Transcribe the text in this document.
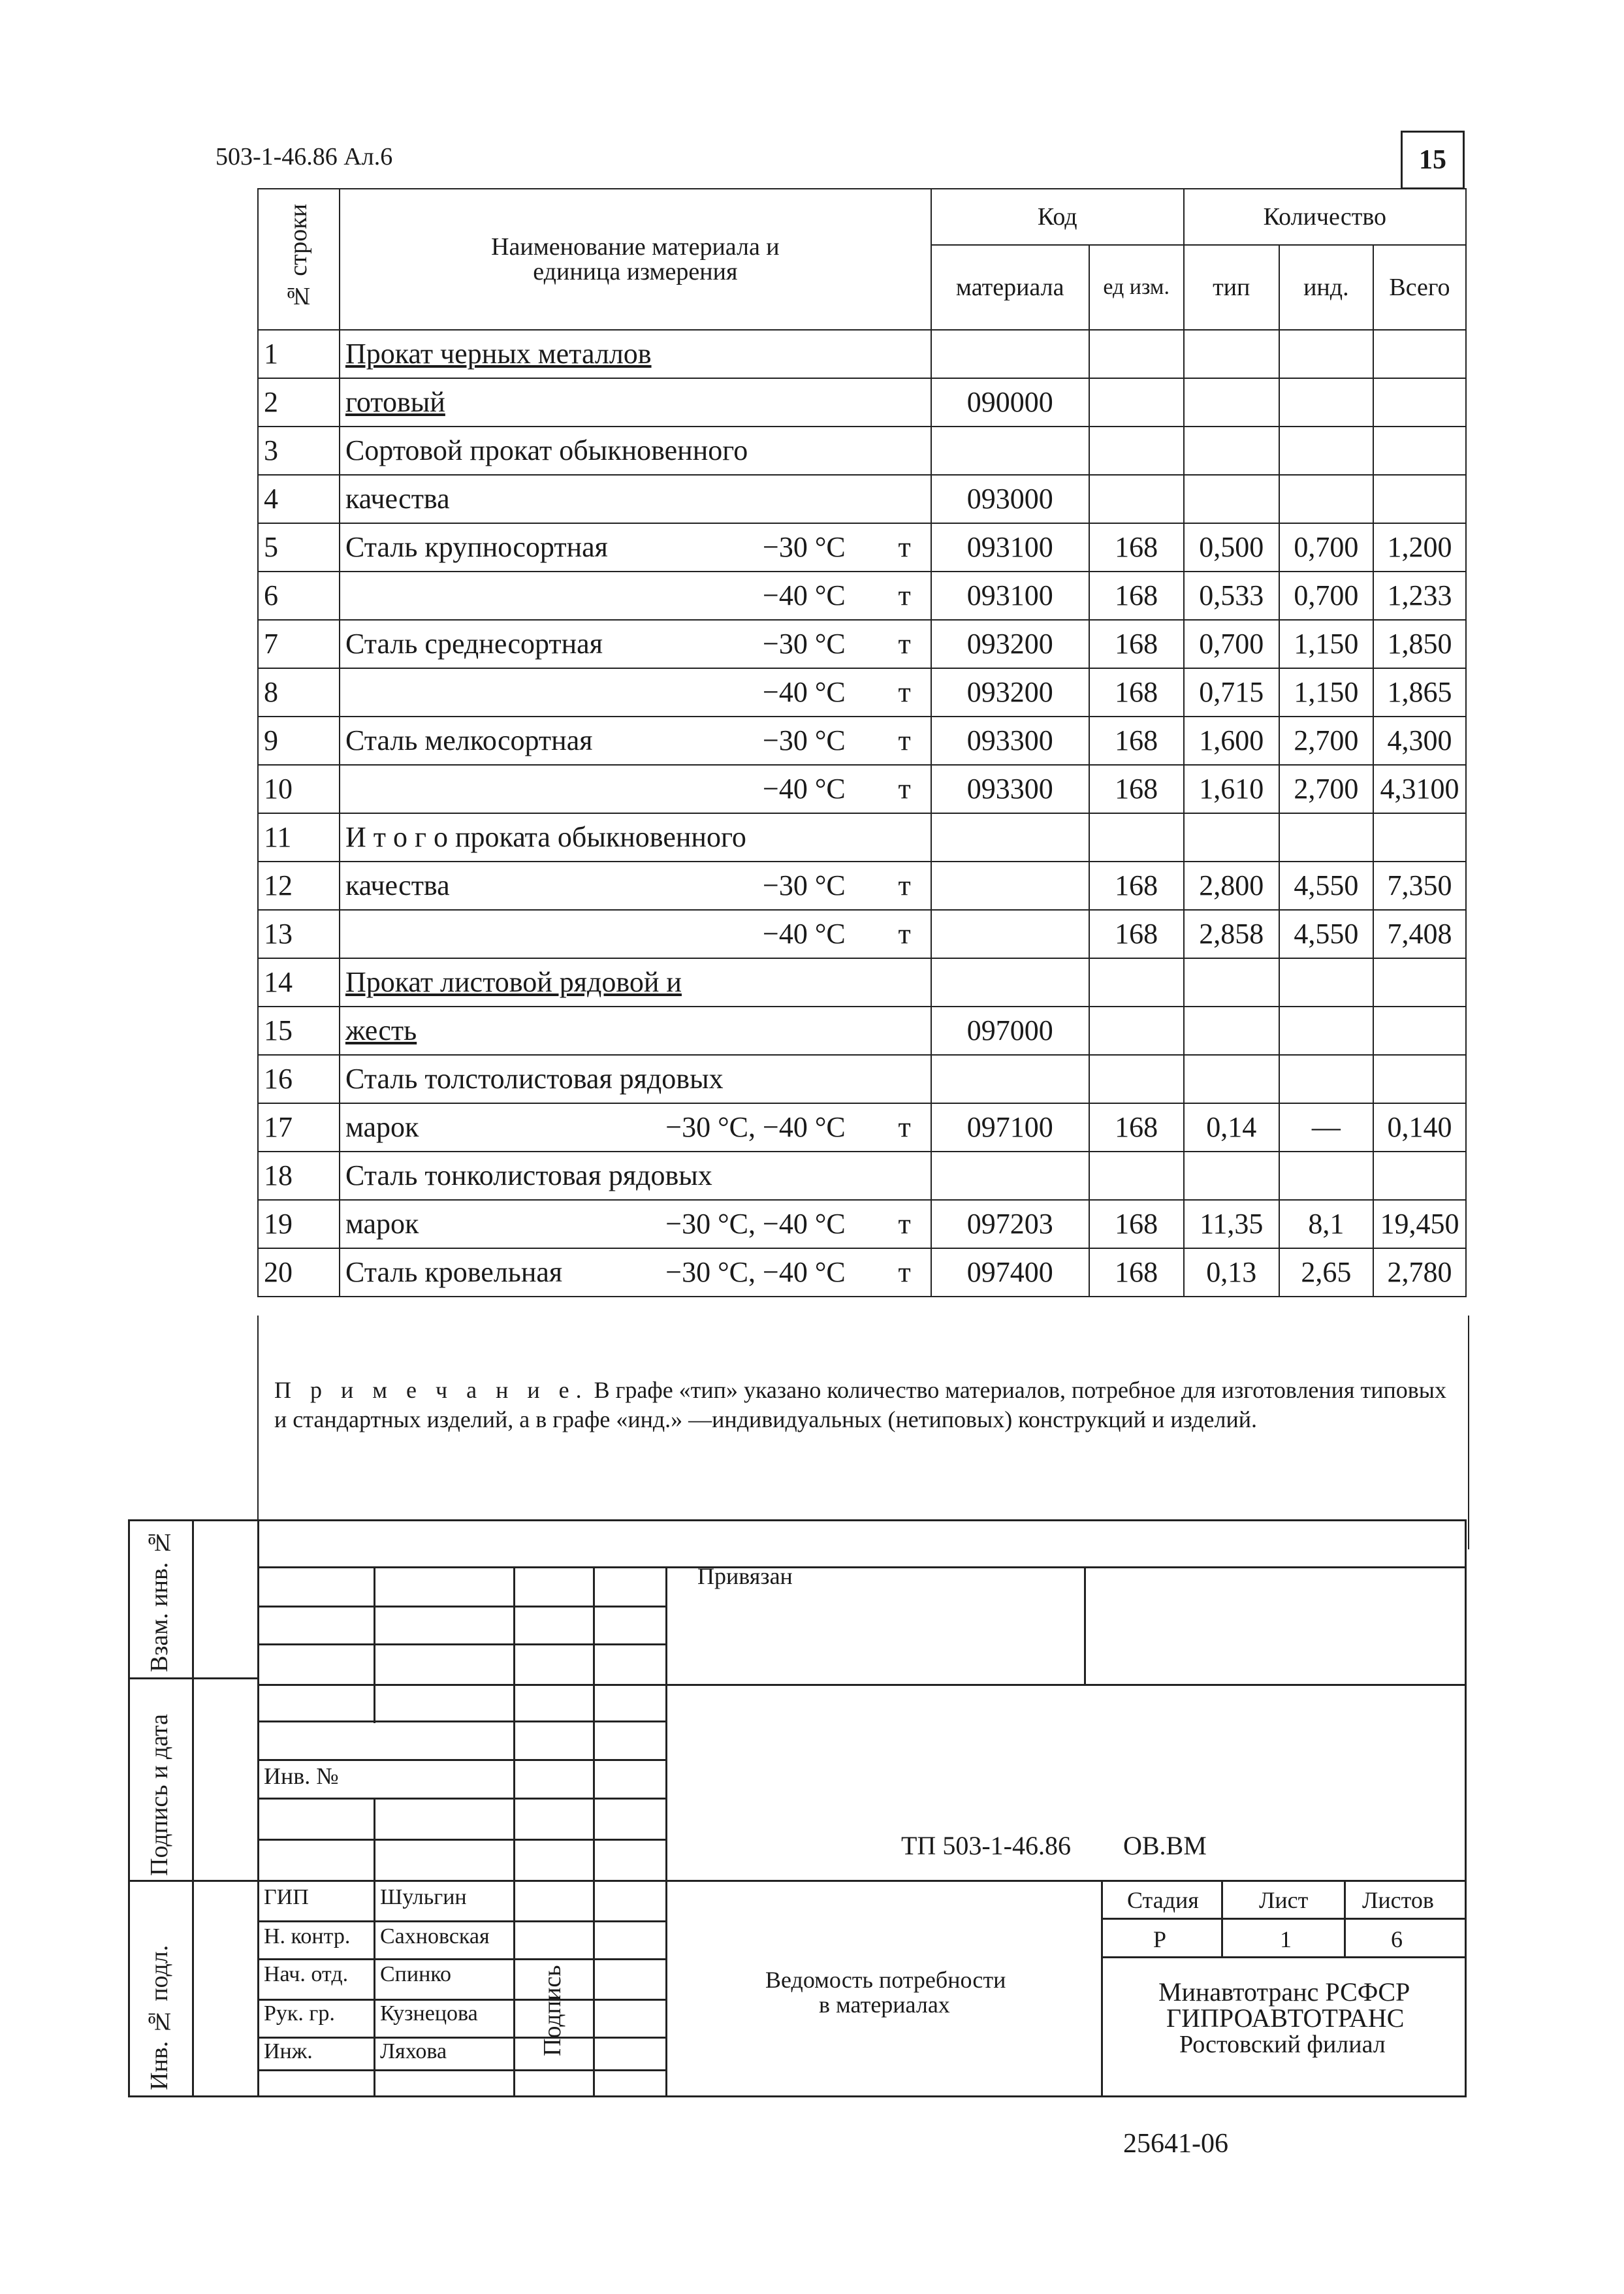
503-1-46.86 Ал.6	15
№ строки	Наименование материала и единица измерения	Код		Количество		
		материала	ед изм.	тип	инд.	Всего
1	Прокат черных металлов

2	готовый	090000				
3	Сортовой прокат обыкновенного

4	качества	093000				
5	Сталь крупносортная −30 °С т	093100	168	0,500	0,700	1,200
6	−40 °С т	093100	168	0,533	0,700	1,233
7	Сталь среднесортная −30 °С т	093200	168	0,700	1,150	1,850
8	−40 °С т	093200	168	0,715	1,150	1,865
9	Сталь мелкосортная −30 °С т	093300	168	1,600	2,700	4,300
10	−40 °С т	093300	168	1,610	2,700	4,3100
11	И т о г о проката обыкновенного

12	качества −30 °С т		168	2,800	4,550	7,350
13	−40 °С т		168	2,858	4,550	7,408
14	Прокат листовой рядовой и

15	жесть	097000				
16	Сталь толстолистовая рядовых

17	марок −30 °С, −40 °С т	097100	168	0,14	—	0,140
18	Сталь тонколистовая рядовых

19	марок −30 °С, −40 °С т	097203	168	11,35	8,1	19,450
20	Сталь кровельная −30 °С, −40 °С т	097400	168	0,13	2,65	2,780
П р и м е ч а н и е. В графе «тип» указано количество материалов, потребное для изготовления типовых и стандартных изделий, а в графе «инд.» —индивидуальных (нетиповых) конструкций и изделий.
Взам. инв. №
Подпись и дата
Инв. № подл.
Привязан
Инв. №
ТП 503-1-46.86        ОВ.ВМ
Подпись
ГИП	Шульгин
Н. контр. Сахновская
Нач. отд. Спинко
Рук. гр. Кузнецова
Инж.	Ляхова
Ведомость потребности
в материалах
Стадия	Лист Листов
Р	1	6
Минавтотранс РСФСР
ГИПРОАВТОТРАНС
Ростовский филиал
25641-06
